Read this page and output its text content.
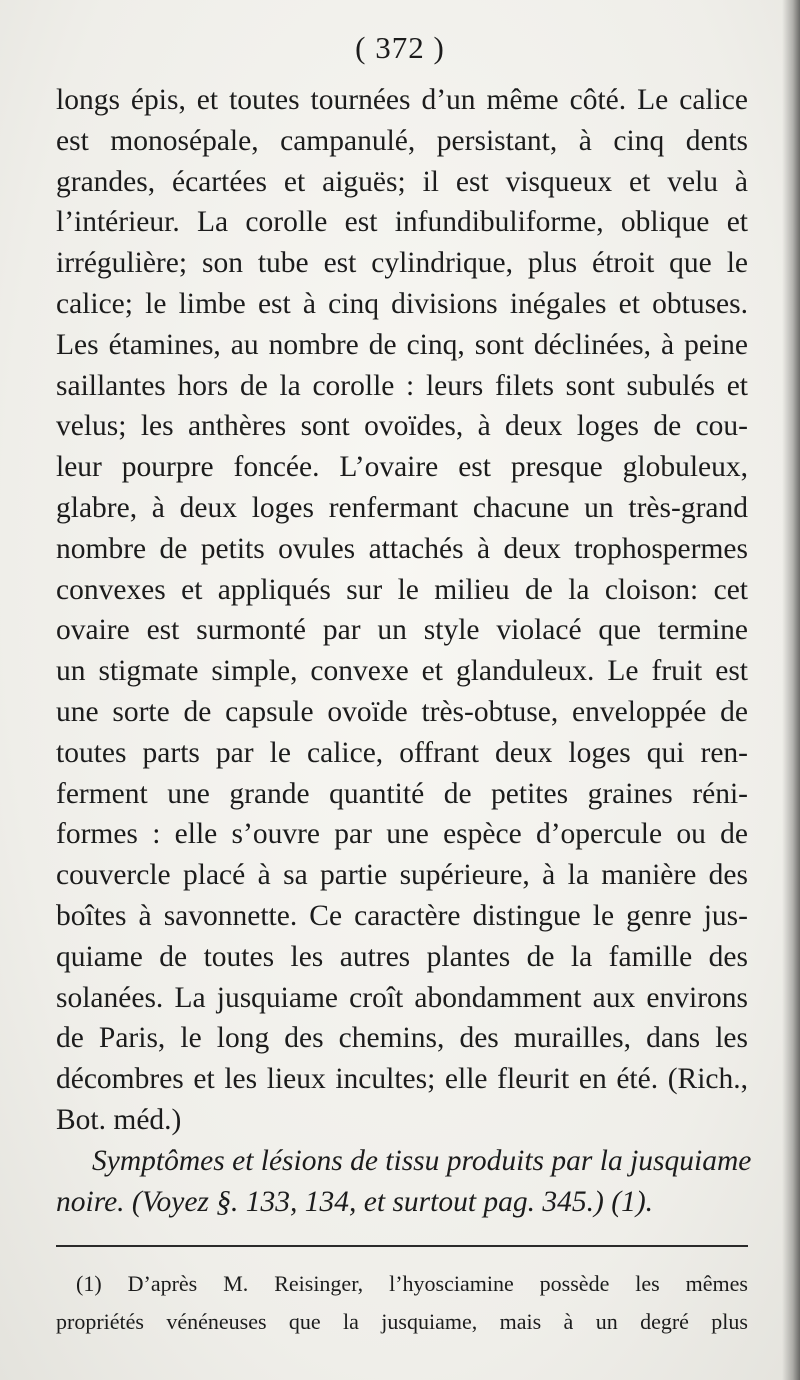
( 372 )
longs épis, et toutes tournées d’un même côté. Le calice
est monosépale, campanulé, persistant, à cinq dents
grandes, écartées et aiguës; il est visqueux et velu à
l’intérieur. La corolle est infundibuliforme, oblique et
irrégulière; son tube est cylindrique, plus étroit que le
calice; le limbe est à cinq divisions inégales et obtuses.
Les étamines, au nombre de cinq, sont déclinées, à peine
saillantes hors de la corolle : leurs filets sont subulés et
velus; les anthères sont ovoïdes, à deux loges de cou-
leur pourpre foncée. L’ovaire est presque globuleux,
glabre, à deux loges renfermant chacune un très-grand
nombre de petits ovules attachés à deux trophospermes
convexes et appliqués sur le milieu de la cloison: cet
ovaire est surmonté par un style violacé que termine
un stigmate simple, convexe et glanduleux. Le fruit est
une sorte de capsule ovoïde très-obtuse, enveloppée de
toutes parts par le calice, offrant deux loges qui ren-
ferment une grande quantité de petites graines réni-
formes : elle s’ouvre par une espèce d’opercule ou de
couvercle placé à sa partie supérieure, à la manière des
boîtes à savonnette. Ce caractère distingue le genre jus-
quiame de toutes les autres plantes de la famille des
solanées. La jusquiame croît abondamment aux environs
de Paris, le long des chemins, des murailles, dans les
décombres et les lieux incultes; elle fleurit en été. (Rich.,
Bot. méd.)
Symptômes et lésions de tissu produits par la jusquiame
noire. (Voyez §. 133, 134, et surtout pag. 345.) (1).
(1) D’après M. Reisinger, l’hyosciamine possède les mêmes
propriétés vénéneuses que la jusquiame, mais à un degré plus
